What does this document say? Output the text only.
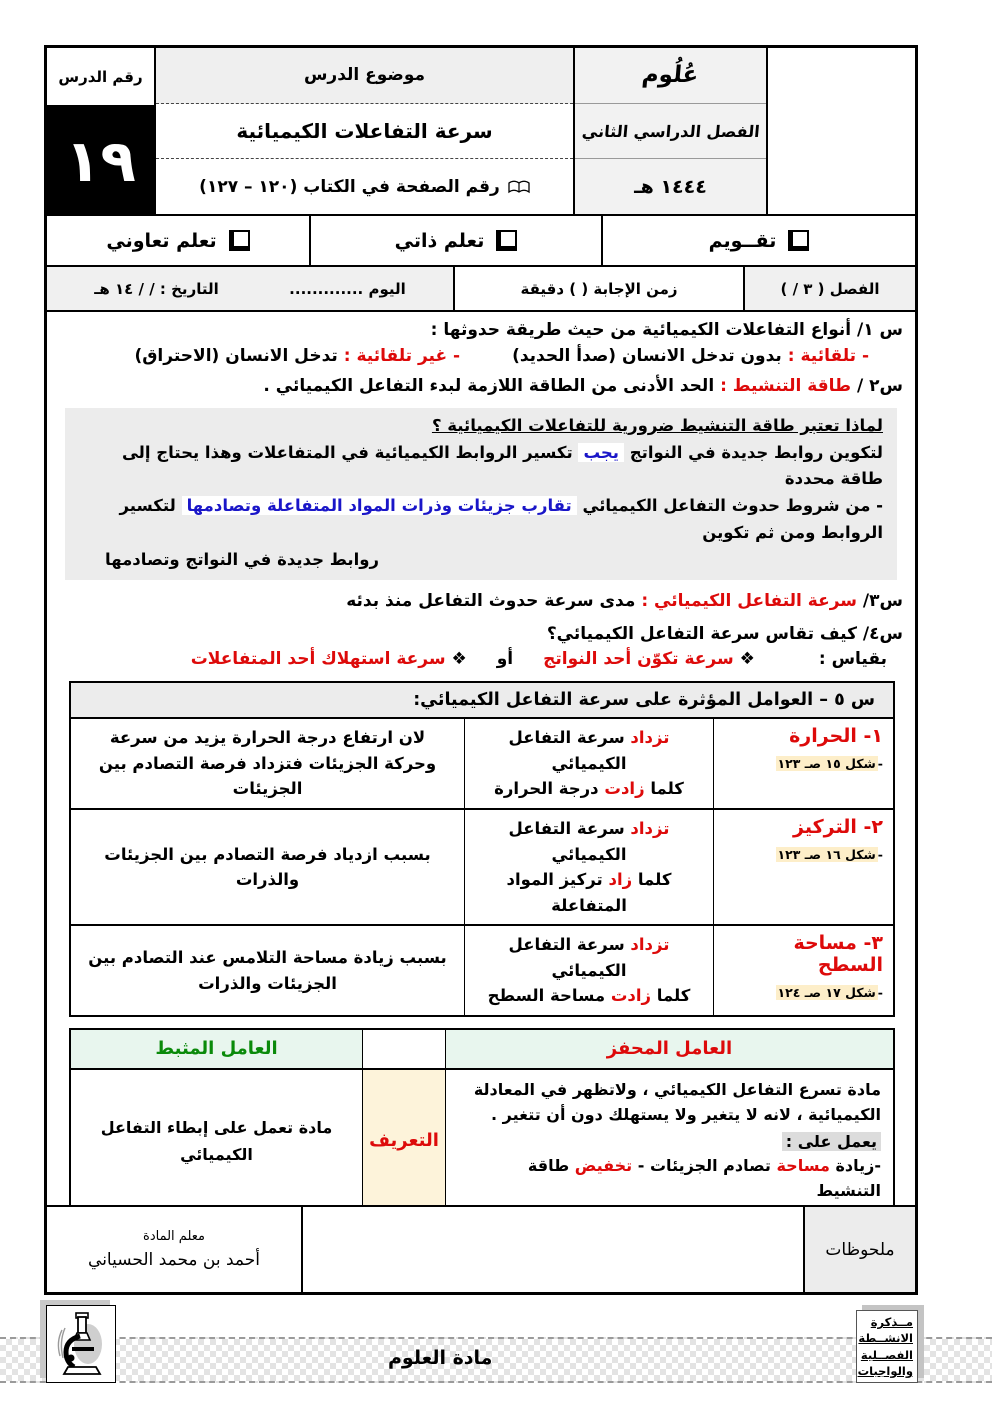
عُلُوم
الفصل الدراسي الثاني
١٤٤٤ هـ
موضوع الدرس
سرعة التفاعلات الكيميائية
رقم الصفحة في الكتاب (١٢٠ – ١٢٧)
رقم الدرس
١٩
تقــويم
تعلم ذاتي
تعلم تعاوني
الفصل ( ٣ / )
زمن الإجابة ( ) دقيقة
اليوم .............
التاريخ : / / ١٤ هـ
س ١/ أنواع التفاعلات الكيميائية من حيث طريقة حدوثها :
- تلقائية : بدون تدخل الانسان (صدأ الحديد)
- غير تلقائية : تدخل الانسان (الاحتراق)
س٢ / طاقة التنشيط : الحد الأدنى من الطاقة اللازمة لبدء التفاعل الكيميائي .
لماذا تعتبر طاقة التنشيط ضرورية للتفاعلات الكيميائية ؟
لتكوين روابط جديدة في النواتج يجب تكسير الروابط الكيميائية في المتفاعلات وهذا يحتاج إلى طاقة محددة
- من شروط حدوث التفاعل الكيميائي تقارب جزيئات وذرات المواد المتفاعلة وتصادمها لتكسير الروابط ومن ثم تكوين
روابط جديدة في النواتج وتصادمها
س٣/ سرعة التفاعل الكيميائي : مدى سرعة حدوث التفاعل منذ بدئه
س٤/ كيف تقاس سرعة التفاعل الكيميائي؟
بقياس :
❖ سرعة تكوّن أحد النواتج
أو
❖ سرعة استهلاك أحد المتفاعلات
س ٥ – العوامل المؤثرة على سرعة التفاعل الكيميائي:
١- الحرارة
-شكل ١٥ صـ ١٢٣
تزداد سرعة التفاعل الكيميائي
كلما زادت درجة الحرارة
لان ارتفاع درجة الحرارة يزيد من سرعة وحركة الجزيئات فتزداد فرصة التصادم بين الجزيئات
٢- التركيز
-شكل ١٦ صـ ١٢٣
تزداد سرعة التفاعل الكيميائي
كلما زاد تركيز المواد المتفاعلة
بسبب ازدياد فرصة التصادم بين الجزيئات والذرات
٣- مساحة السطح
-شكل ١٧ صـ ١٢٤
تزداد سرعة التفاعل الكيميائي
كلما زادت مساحة السطح
بسبب زيادة مساحة التلامس عند التصادم بين الجزيئات والذرات
العامل المحفز
العامل المثبط
مادة تسرع التفاعل الكيميائي ، ولاتظهر في المعادلة الكيميائية ، لانه لا يتغير ولا يستهلك دون أن تتغير .
يعمل على :
-زيادة مساحة تصادم الجزيئات - تخفيض طاقة التنشيط
التعريف
مادة تعمل على إبطاء التفاعل الكيميائي
ملحوظات
معلم المادة
أحمد بن محمد الحسياني
مادة العلوم
مــذكرة
الانشــطة
الفصــلية
والواجبات
